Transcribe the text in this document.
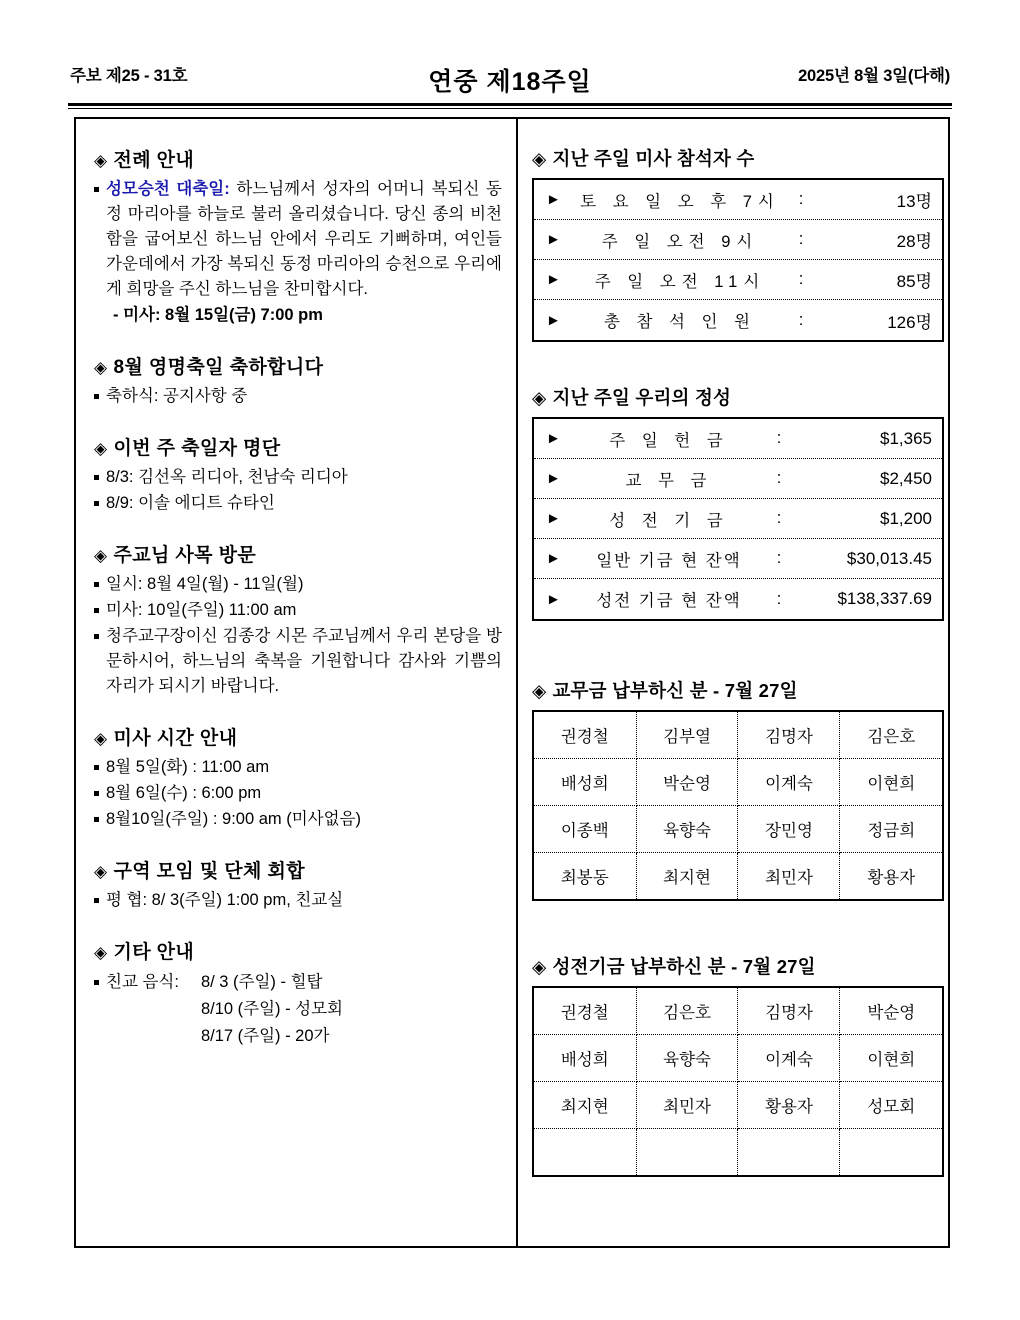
주보 제25 - 31호	연중 제18주일	2025년 8월 3일(다해)
◈ 전례 안내
성모승천 대축일: 하느님께서 성자의 어머니 복되신 동정 마리아를 하늘로 불러 올리셨습니다. 당신 종의 비천함을 굽어보신 하느님 안에서 우리도 기뻐하며, 여인들 가운데에서 가장 복되신 동정 마리아의 승천으로 우리에게 희망을 주신 하느님을 찬미합시다.
- 미사: 8월 15일(금) 7:00 pm
◈ 8월 영명축일 축하합니다
축하식: 공지사항 중
◈ 이번 주 축일자 명단
8/3: 김선옥 리디아, 천남숙 리디아
8/9: 이솔 에디트 슈타인
◈ 주교님 사목 방문
일시: 8월 4일(월) - 11일(월)
미사: 10일(주일) 11:00 am
청주교구장이신 김종강 시몬 주교님께서 우리 본당을 방문하시어, 하느님의 축복을 기원합니다 감사와 기쁨의 자리가 되시기 바랍니다.
◈ 미사 시간 안내
8월 5일(화) : 11:00 am
8월 6일(수) : 6:00 pm
8월10일(주일) : 9:00 am (미사없음)
◈ 구역 모임 및 단체 회합
평 협: 8/ 3(주일) 1:00 pm, 친교실
◈ 기타 안내
친교 음식: 8/ 3 (주일) - 힐탑
8/10 (주일) - 성모회
8/17 (주일) - 20가
◈ 지난 주일 미사 참석자 수
►	토 요 일 오 후 7시	:	13명
►	주 일 오전 9시	:	28명
►	주 일 오전 11시	:	85명
►	총 참 석 인 원	:	126명
◈ 지난 주일 우리의 정성
►	주 일 헌 금	:	$1,365
►	교 무 금	:	$2,450
►	성 전 기 금	:	$1,200
►	일반 기금 현 잔액	:	$30,013.45
►	성전 기금 현 잔액	:	$138,337.69
◈ 교무금 납부하신 분 - 7월 27일
권경철	김부열	김명자	김은호
배성희	박순영	이계숙	이현희
이종백	육향숙	장민영	정금희
최봉동	최지현	최민자	황용자
◈ 성전기금 납부하신 분 - 7월 27일
권경철	김은호	김명자	박순영
배성희	육향숙	이계숙	이현희
최지현	최민자	황용자	성모회
